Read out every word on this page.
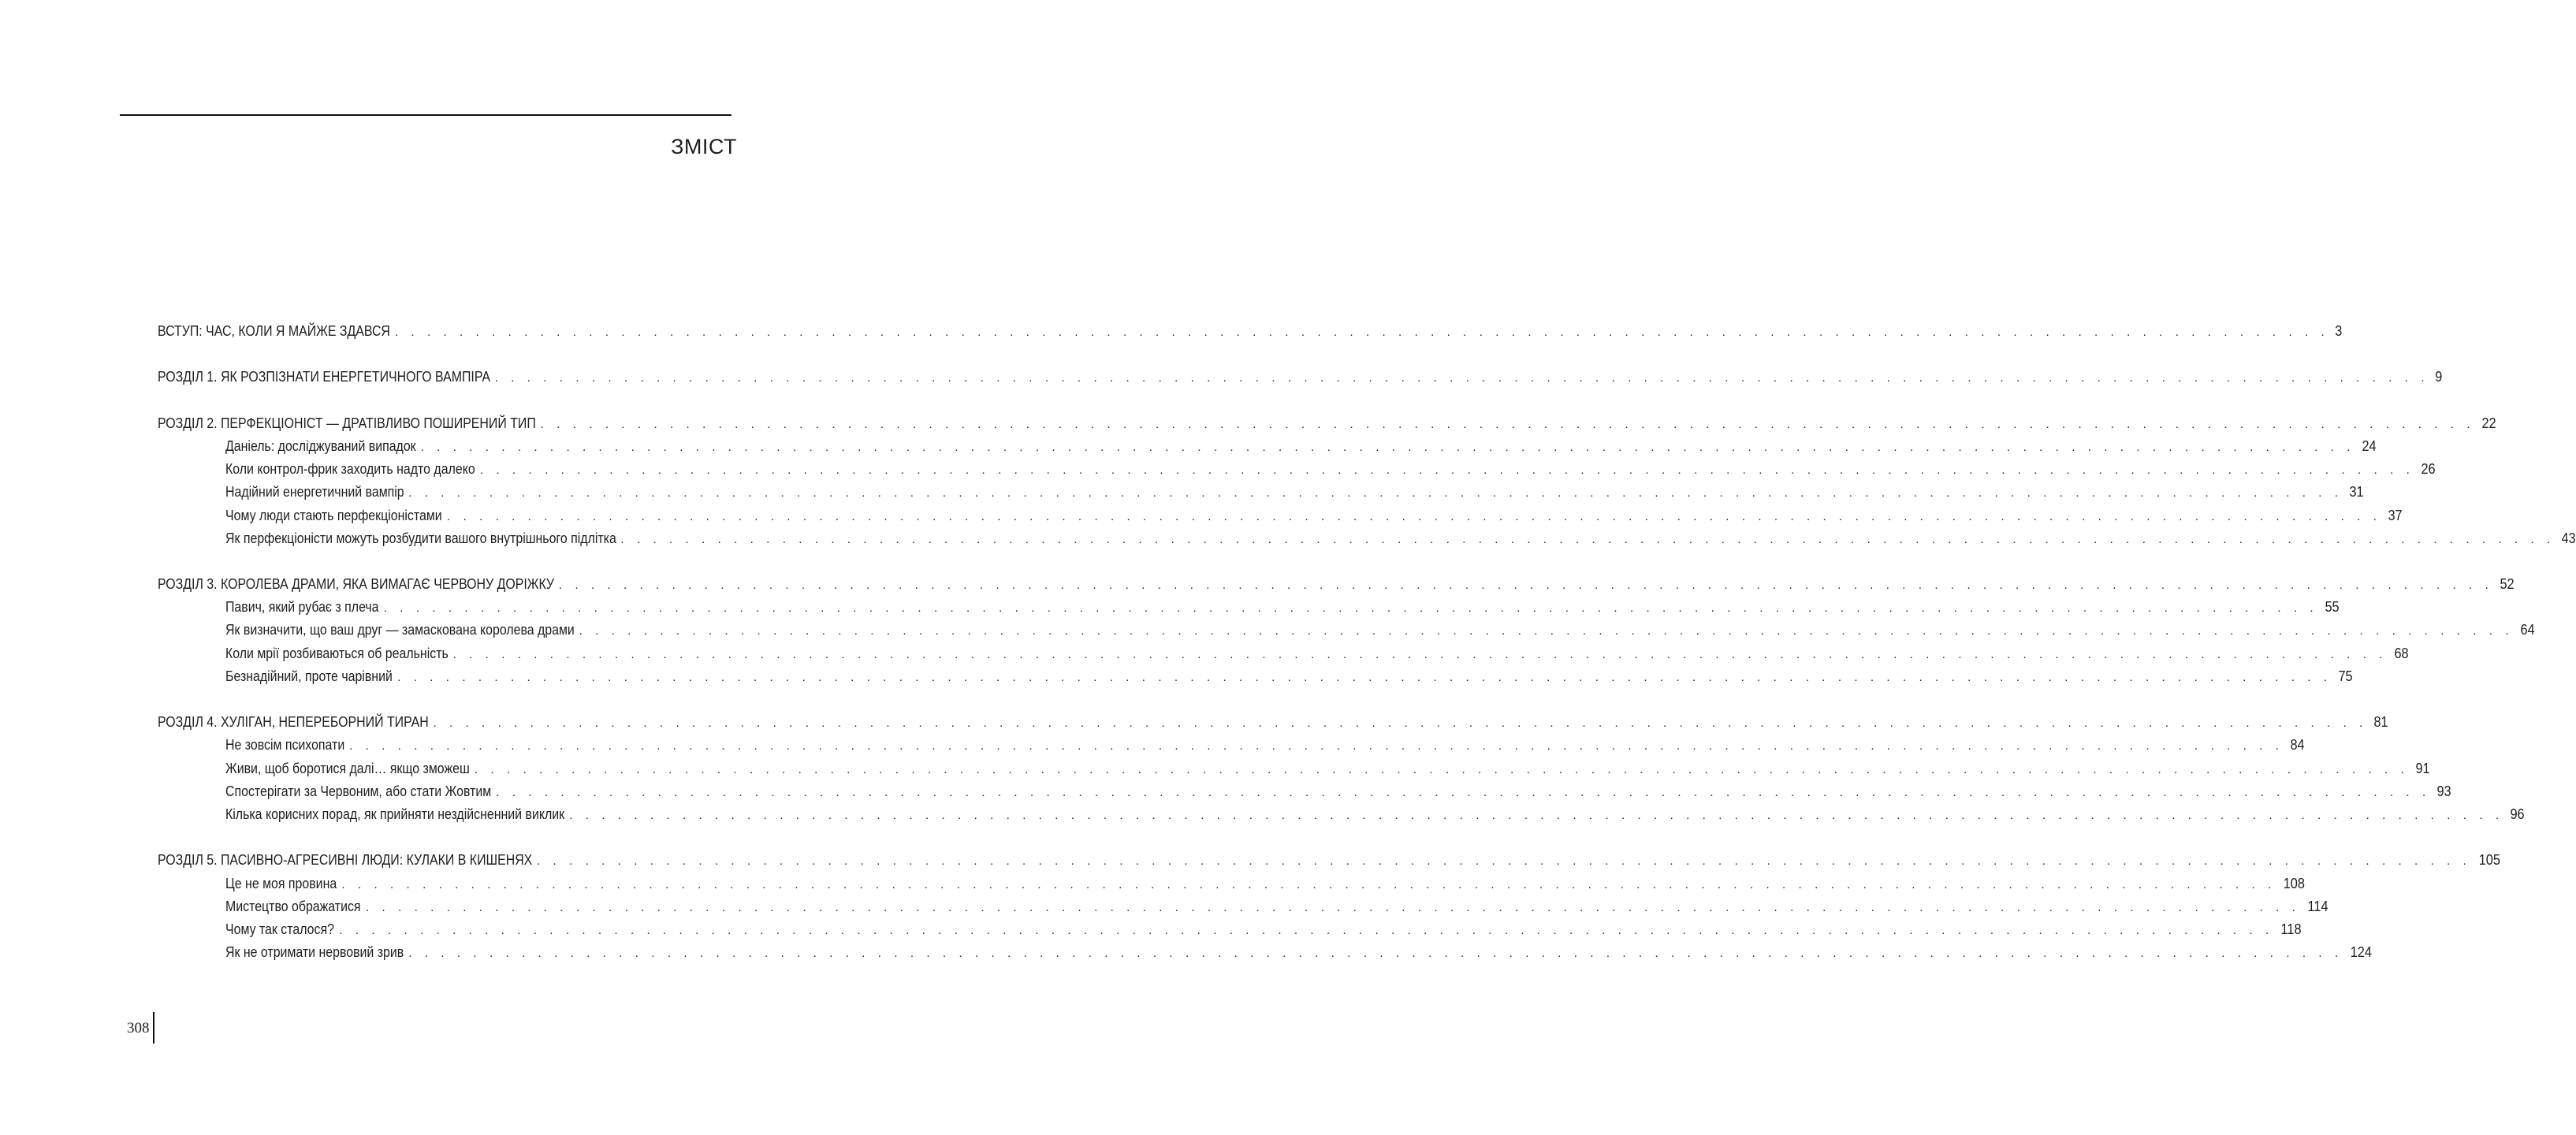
ЗМІСТ
ВСТУП: ЧАС, КОЛИ Я МАЙЖЕ ЗДАВСЯ . . . . . . . . . . . . . . . . . . . . . . . . . . . . . . . . . . . . . . . . . . . . . . . . . . . . . . . . . . . . . . . . . . . . . . . . . . . . . . . . . . . . . . . . . . . . . . . . . . . . . . . . . . . . . . . . . . . . . . . . 3
РОЗДІЛ 1. ЯК РОЗПІЗНАТИ ЕНЕРГЕТИЧНОГО ВАМПІРА . . . . . . . . . . . . . . . . . . . . . . . . . . . . . . . . . . . . . . . . . . . . . . . . . . . . . . . . . . . . . . . . . . . . . . . . . . . . . . . . . . . . . . . . . . . . . . . . . . . . . . . . . . . . . . . . . . . . . . . . 9
РОЗДІЛ 2. ПЕРФЕКЦІОНІСТ — ДРАТІВЛИВО ПОШИРЕНИЙ ТИП . . . . . . . . . . . . . . . . . . . . . . . . . . . . . . . . . . . . . . . . . . . . . . . . . . . . . . . . . . . . . . . . . . . . . . . . . . . . . . . . . . . . . . . . . . . . . . . . . . . . . . . . . . . . . . . . . . . . . . . . 22
Даніель: досліджуваний випадок . . . . . . . . . . . . . . . . . . . . . . . . . . . . . . . . . . . . . . . . . . . . . . . . . . . . . . . . . . . . . . . . . . . . . . . . . . . . . . . . . . . . . . . . . . . . . . . . . . . . . . . . . . . . . . . . . . . . . . . . 24
Коли контрол-фрик заходить надто далеко . . . . . . . . . . . . . . . . . . . . . . . . . . . . . . . . . . . . . . . . . . . . . . . . . . . . . . . . . . . . . . . . . . . . . . . . . . . . . . . . . . . . . . . . . . . . . . . . . . . . . . . . . . . . . . . . . . . . . . . . 26
Надійний енергетичний вампір . . . . . . . . . . . . . . . . . . . . . . . . . . . . . . . . . . . . . . . . . . . . . . . . . . . . . . . . . . . . . . . . . . . . . . . . . . . . . . . . . . . . . . . . . . . . . . . . . . . . . . . . . . . . . . . . . . . . . . . . 31
Чому люди стають перфекціоністами . . . . . . . . . . . . . . . . . . . . . . . . . . . . . . . . . . . . . . . . . . . . . . . . . . . . . . . . . . . . . . . . . . . . . . . . . . . . . . . . . . . . . . . . . . . . . . . . . . . . . . . . . . . . . . . . . . . . . . . . 37
Як перфекціоністи можуть розбудити вашого внутрішнього підлітка . . . . . . . . . . . . . . . . . . . . . . . . . . . . . . . . . . . . . . . . . . . . . . . . . . . . . . . . . . . . . . . . . . . . . . . . . . . . . . . . . . . . . . . . . . . . . . . . . . . . . . . . . . . . . . . . . . . . . . . . 43
РОЗДІЛ 3. КОРОЛЕВА ДРАМИ, ЯКА ВИМАГАЄ ЧЕРВОНУ ДОРІЖКУ . . . . . . . . . . . . . . . . . . . . . . . . . . . . . . . . . . . . . . . . . . . . . . . . . . . . . . . . . . . . . . . . . . . . . . . . . . . . . . . . . . . . . . . . . . . . . . . . . . . . . . . . . . . . . . . . . . . . . . . . 52
Павич, який рубає з плеча . . . . . . . . . . . . . . . . . . . . . . . . . . . . . . . . . . . . . . . . . . . . . . . . . . . . . . . . . . . . . . . . . . . . . . . . . . . . . . . . . . . . . . . . . . . . . . . . . . . . . . . . . . . . . . . . . . . . . . . . 55
Як визначити, що ваш друг — замаскована королева драми . . . . . . . . . . . . . . . . . . . . . . . . . . . . . . . . . . . . . . . . . . . . . . . . . . . . . . . . . . . . . . . . . . . . . . . . . . . . . . . . . . . . . . . . . . . . . . . . . . . . . . . . . . . . . . . . . . . . . . . . 64
Коли мрії розбиваються об реальність . . . . . . . . . . . . . . . . . . . . . . . . . . . . . . . . . . . . . . . . . . . . . . . . . . . . . . . . . . . . . . . . . . . . . . . . . . . . . . . . . . . . . . . . . . . . . . . . . . . . . . . . . . . . . . . . . . . . . . . . 68
Безнадійний, проте чарівний . . . . . . . . . . . . . . . . . . . . . . . . . . . . . . . . . . . . . . . . . . . . . . . . . . . . . . . . . . . . . . . . . . . . . . . . . . . . . . . . . . . . . . . . . . . . . . . . . . . . . . . . . . . . . . . . . . . . . . . . 75
РОЗДІЛ 4. ХУЛІГАН, НЕПЕРЕБОРНИЙ ТИРАН . . . . . . . . . . . . . . . . . . . . . . . . . . . . . . . . . . . . . . . . . . . . . . . . . . . . . . . . . . . . . . . . . . . . . . . . . . . . . . . . . . . . . . . . . . . . . . . . . . . . . . . . . . . . . . . . . . . . . . . . 81
Не зовсім психопати . . . . . . . . . . . . . . . . . . . . . . . . . . . . . . . . . . . . . . . . . . . . . . . . . . . . . . . . . . . . . . . . . . . . . . . . . . . . . . . . . . . . . . . . . . . . . . . . . . . . . . . . . . . . . . . . . . . . . . . . 84
Живи, щоб боротися далі… якщо зможеш . . . . . . . . . . . . . . . . . . . . . . . . . . . . . . . . . . . . . . . . . . . . . . . . . . . . . . . . . . . . . . . . . . . . . . . . . . . . . . . . . . . . . . . . . . . . . . . . . . . . . . . . . . . . . . . . . . . . . . . . 91
Спостерігати за Червоним, або стати Жовтим . . . . . . . . . . . . . . . . . . . . . . . . . . . . . . . . . . . . . . . . . . . . . . . . . . . . . . . . . . . . . . . . . . . . . . . . . . . . . . . . . . . . . . . . . . . . . . . . . . . . . . . . . . . . . . . . . . . . . . . . 93
Кілька корисних порад, як прийняти нездійсненний виклик . . . . . . . . . . . . . . . . . . . . . . . . . . . . . . . . . . . . . . . . . . . . . . . . . . . . . . . . . . . . . . . . . . . . . . . . . . . . . . . . . . . . . . . . . . . . . . . . . . . . . . . . . . . . . . . . . . . . . . . . 96
РОЗДІЛ 5. ПАСИВНО-АГРЕСИВНІ ЛЮДИ: КУЛАКИ В КИШЕНЯХ . . . . . . . . . . . . . . . . . . . . . . . . . . . . . . . . . . . . . . . . . . . . . . . . . . . . . . . . . . . . . . . . . . . . . . . . . . . . . . . . . . . . . . . . . . . . . . . . . . . . . . . . . . . . . . . . . . . . . . . . 105
Це не моя провина . . . . . . . . . . . . . . . . . . . . . . . . . . . . . . . . . . . . . . . . . . . . . . . . . . . . . . . . . . . . . . . . . . . . . . . . . . . . . . . . . . . . . . . . . . . . . . . . . . . . . . . . . . . . . . . . . . . . . . . . 108
Мистецтво ображатися . . . . . . . . . . . . . . . . . . . . . . . . . . . . . . . . . . . . . . . . . . . . . . . . . . . . . . . . . . . . . . . . . . . . . . . . . . . . . . . . . . . . . . . . . . . . . . . . . . . . . . . . . . . . . . . . . . . . . . . . 114
Чому так сталося? . . . . . . . . . . . . . . . . . . . . . . . . . . . . . . . . . . . . . . . . . . . . . . . . . . . . . . . . . . . . . . . . . . . . . . . . . . . . . . . . . . . . . . . . . . . . . . . . . . . . . . . . . . . . . . . . . . . . . . . . 118
Як не отримати нервовий зрив . . . . . . . . . . . . . . . . . . . . . . . . . . . . . . . . . . . . . . . . . . . . . . . . . . . . . . . . . . . . . . . . . . . . . . . . . . . . . . . . . . . . . . . . . . . . . . . . . . . . . . . . . . . . . . . . . . . . . . . . 124
308
